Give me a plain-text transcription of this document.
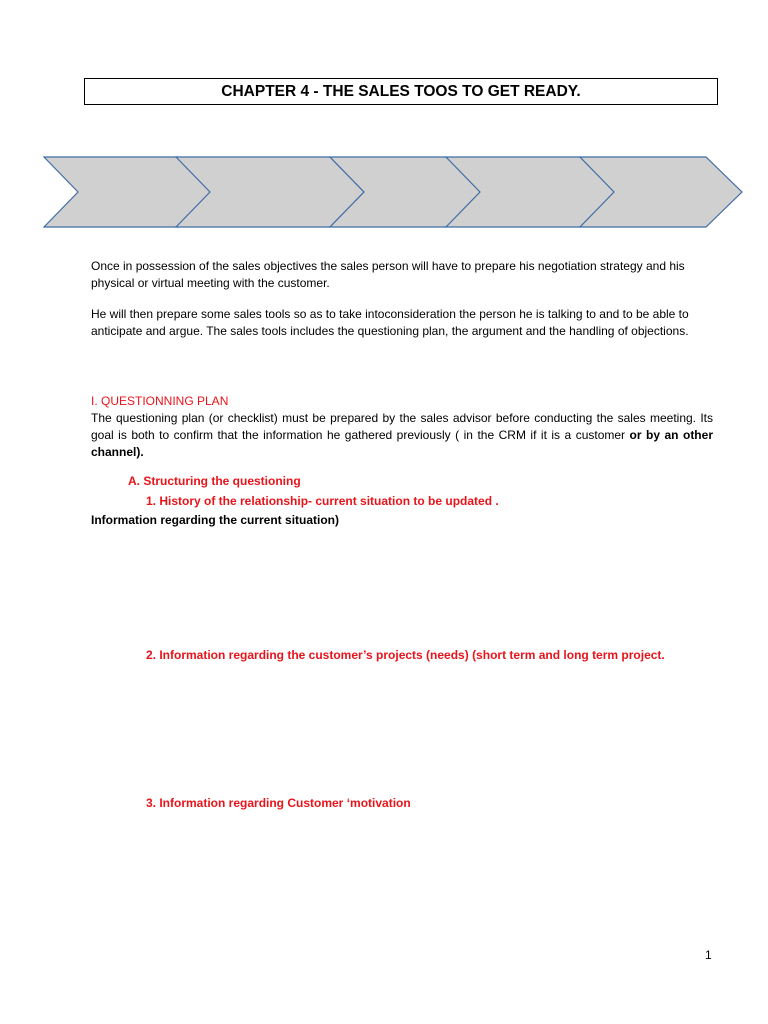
CHAPTER 4 - THE SALES TOOS TO GET READY.

Once in possession of the sales objectives the sales person will have to prepare his negotiation strategy and his physical or virtual meeting with the customer.

He will then prepare some sales tools so as to take intoconsideration the person he is talking to and to be able to anticipate and argue. The sales tools includes the questioning plan, the argument and the handling of objections.

I. QUESTIONNING PLAN

The questioning plan (or checklist) must be prepared by the sales advisor before conducting the sales meeting. Its goal is both to confirm that the information he gathered previously ( in the CRM if it is a customer or by an other channel).

A. Structuring the questioning
1. History of the relationship- current situation to be updated .
Information regarding the current situation)
2. Information regarding the customer’s projects (needs) (short term and long term project.
3. Information regarding Customer ‘motivation
1
